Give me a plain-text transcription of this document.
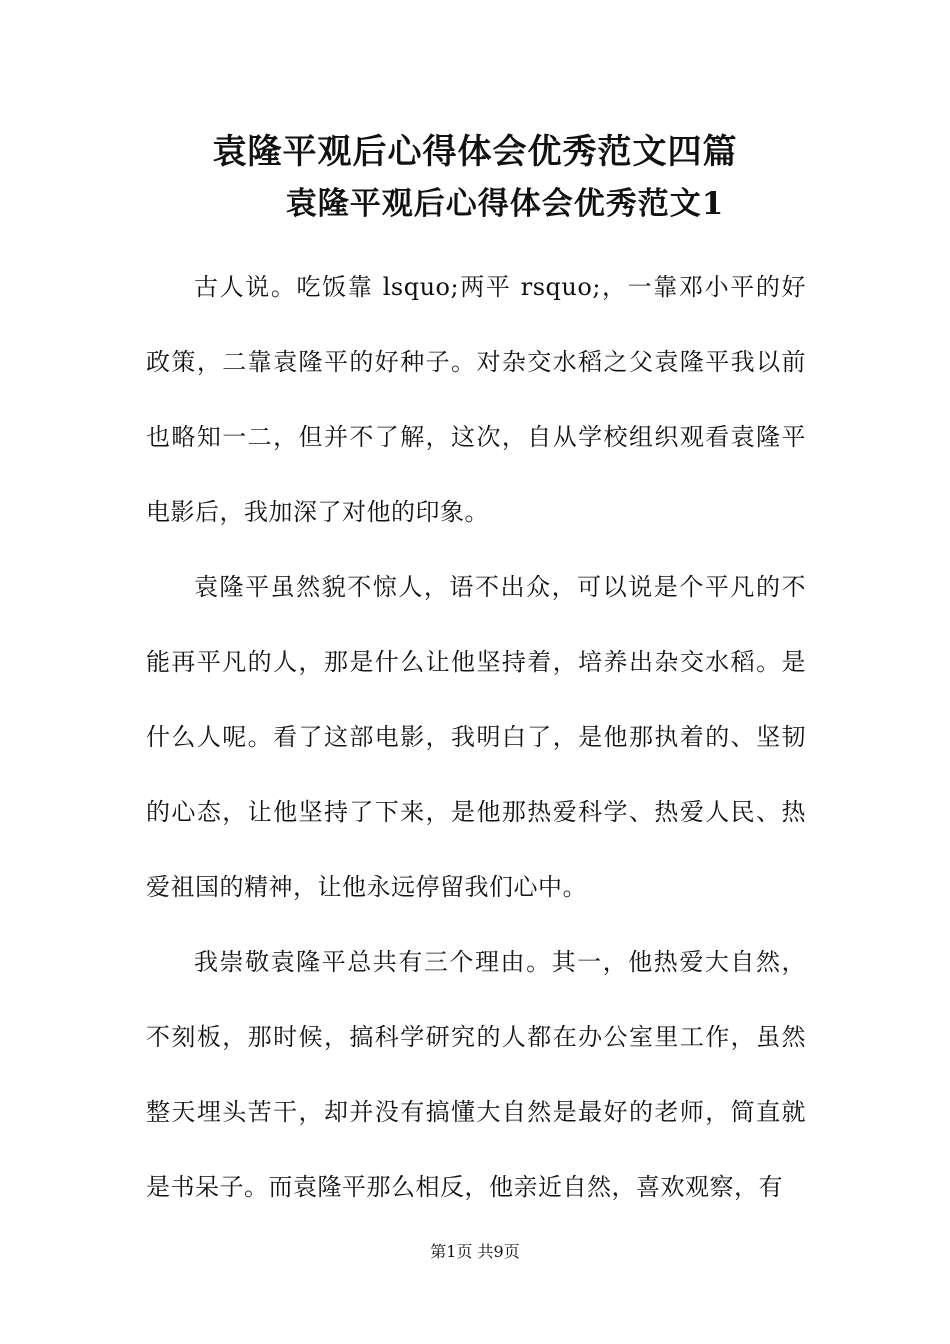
袁隆平观后心得体会优秀范文四篇
袁隆平观后心得体会优秀范文1

古人说。吃饭靠 lsquo;两平 rsquo;，一靠邓小平的好政策，二靠袁隆平的好种子。对杂交水稻之父袁隆平我以前也略知一二，但并不了解，这次，自从学校组织观看袁隆平电影后，我加深了对他的印象。

袁隆平虽然貌不惊人，语不出众，可以说是个平凡的不能再平凡的人，那是什么让他坚持着，培养出杂交水稻。是什么人呢。看了这部电影，我明白了，是他那执着的、坚韧的心态，让他坚持了下来，是他那热爱科学、热爱人民、热爱祖国的精神，让他永远停留我们心中。

我崇敬袁隆平总共有三个理由。其一，他热爱大自然，不刻板，那时候，搞科学研究的人都在办公室里工作，虽然整天埋头苦干，却并没有搞懂大自然是最好的老师，简直就是书呆子。而袁隆平那么相反，他亲近自然，喜欢观察，有

第1页 共9页
